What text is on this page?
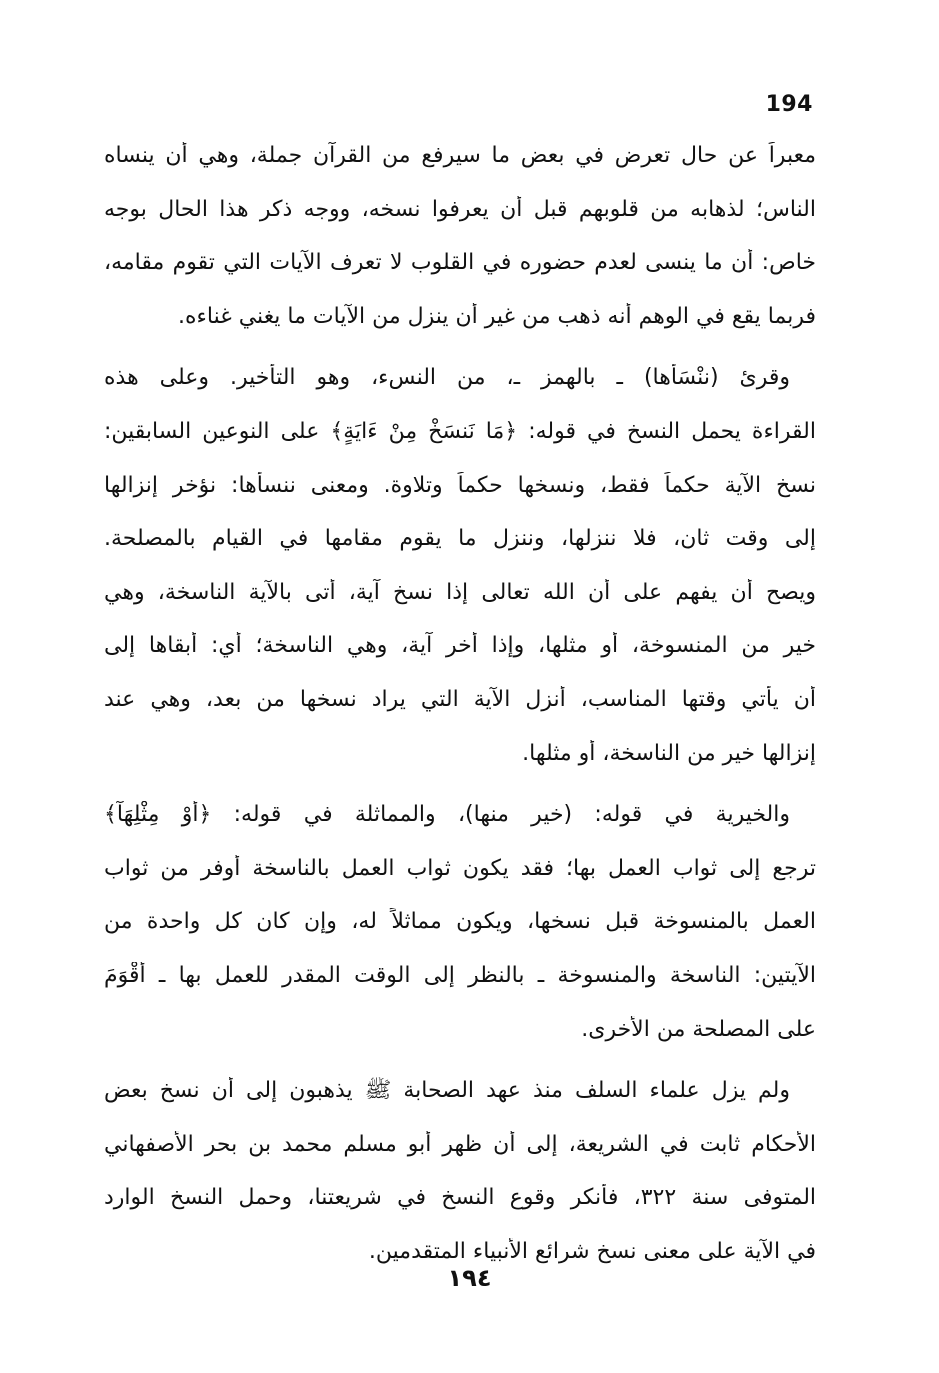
194
معبراً عن حال تعرض في بعض ما سيرفع من القرآن جملة، وهي أن ينساه
الناس؛ لذهابه من قلوبهم قبل أن يعرفوا نسخه، ووجه ذكر هذا الحال بوجه
خاص: أن ما ينسى لعدم حضوره في القلوب لا تعرف الآيات التي تقوم مقامه،
فربما يقع في الوهم أنه ذهب من غير أن ينزل من الآيات ما يغني غناءه.
وقرئ (ننْسَأْها) ـ بالهمز ـ، من النسء، وهو التأخير. وعلى هذه
القراءة يحمل النسخ في قوله: ﴿مَا نَنسَخْ مِنْ ءَايَةٍ﴾ على النوعين السابقين:
نسخ الآية حكماً فقط، ونسخها حكماً وتلاوة. ومعنى ننسأها: نؤخر إنزالها
إلى وقت ثان، فلا ننزلها، وننزل ما يقوم مقامها في القيام بالمصلحة.
ويصح أن يفهم على أن الله تعالى إذا نسخ آية، أتى بالآية الناسخة، وهي
خير من المنسوخة، أو مثلها، وإذا أخر آية، وهي الناسخة؛ أي: أبقاها إلى
أن يأتي وقتها المناسب، أنزل الآية التي يراد نسخها من بعد، وهي عند
إنزالها خير من الناسخة، أو مثلها.
والخيرية في قوله: (خير منها)، والمماثلة في قوله: ﴿أَوْ مِثْلِهَآ﴾
ترجع إلى ثواب العمل بها؛ فقد يكون ثواب العمل بالناسخة أوفر من ثواب
العمل بالمنسوخة قبل نسخها، ويكون مماثلاً له، وإن كان كل واحدة من
الآيتين: الناسخة والمنسوخة ـ بالنظر إلى الوقت المقدر للعمل بها ـ أَقْوَمَ
على المصلحة من الأخرى.
ولم يزل علماء السلف منذ عهد الصحابة ﷺ يذهبون إلى أن نسخ بعض
الأحكام ثابت في الشريعة، إلى أن ظهر أبو مسلم محمد بن بحر الأصفهاني
المتوفى سنة ٣٢٢، فأنكر وقوع النسخ في شريعتنا، وحمل النسخ الوارد
في الآية على معنى نسخ شرائع الأنبياء المتقدمين.
١٩٤
